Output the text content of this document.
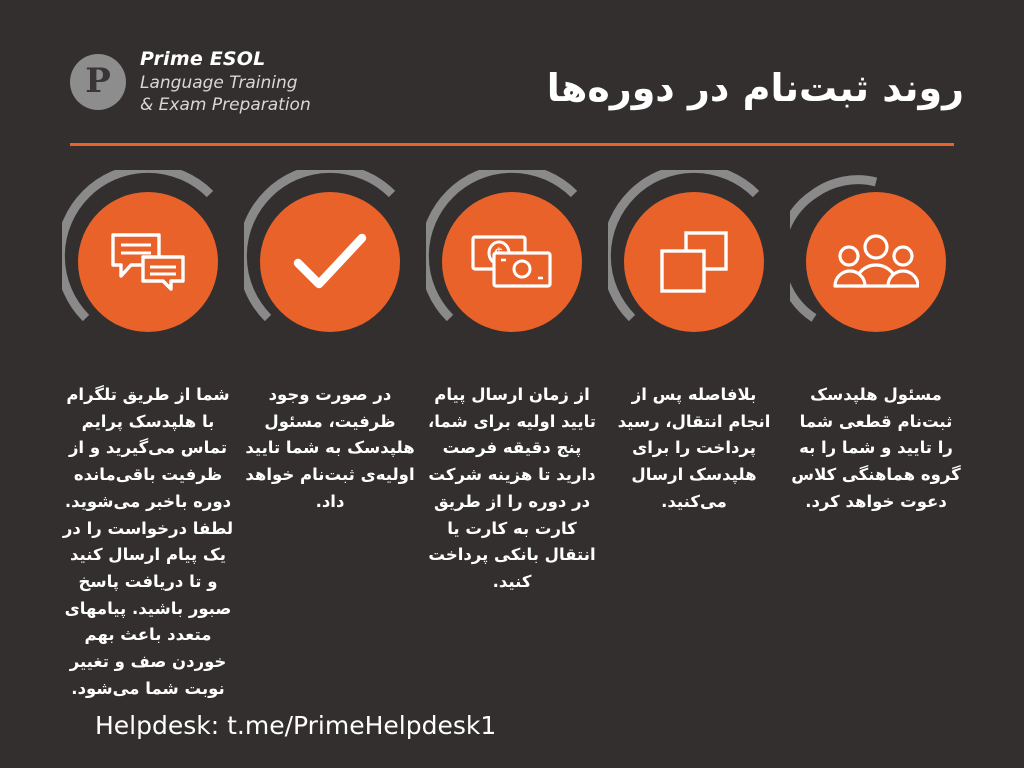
P
Prime ESOL
Language Training
& Exam Preparation	روند ثبت‌نام در دوره‌ها
شما از طریق تلگرام با هلپدسک پرایم تماس می‌گیرید و از ظرفیت باقی‌مانده دوره باخبر می‌شوید. لطفا درخواست را در یک پیام ارسال کنید و تا دریافت پاسخ صبور باشید. پیامهای متعدد باعث بهم خوردن صف و تغییر نوبت شما می‌شود.
در صورت وجود ظرفیت، مسئول هلپدسک به شما تایید اولیه‌ی ثبت‌نام خواهد داد.
از زمان ارسال پیام تایید اولیه برای شما، پنج دقیقه فرصت دارید تا هزینه شرکت در دوره را از طریق کارت به کارت یا انتقال بانکی پرداخت کنید.
بلافاصله پس از انجام انتقال، رسید پرداخت را برای هلپدسک ارسال می‌کنید.
مسئول هلپدسک ثبت‌نام قطعی شما را تایید و شما را به گروه هماهنگی کلاس دعوت خواهد کرد.
Helpdesk: t.me/PrimeHelpdesk1
